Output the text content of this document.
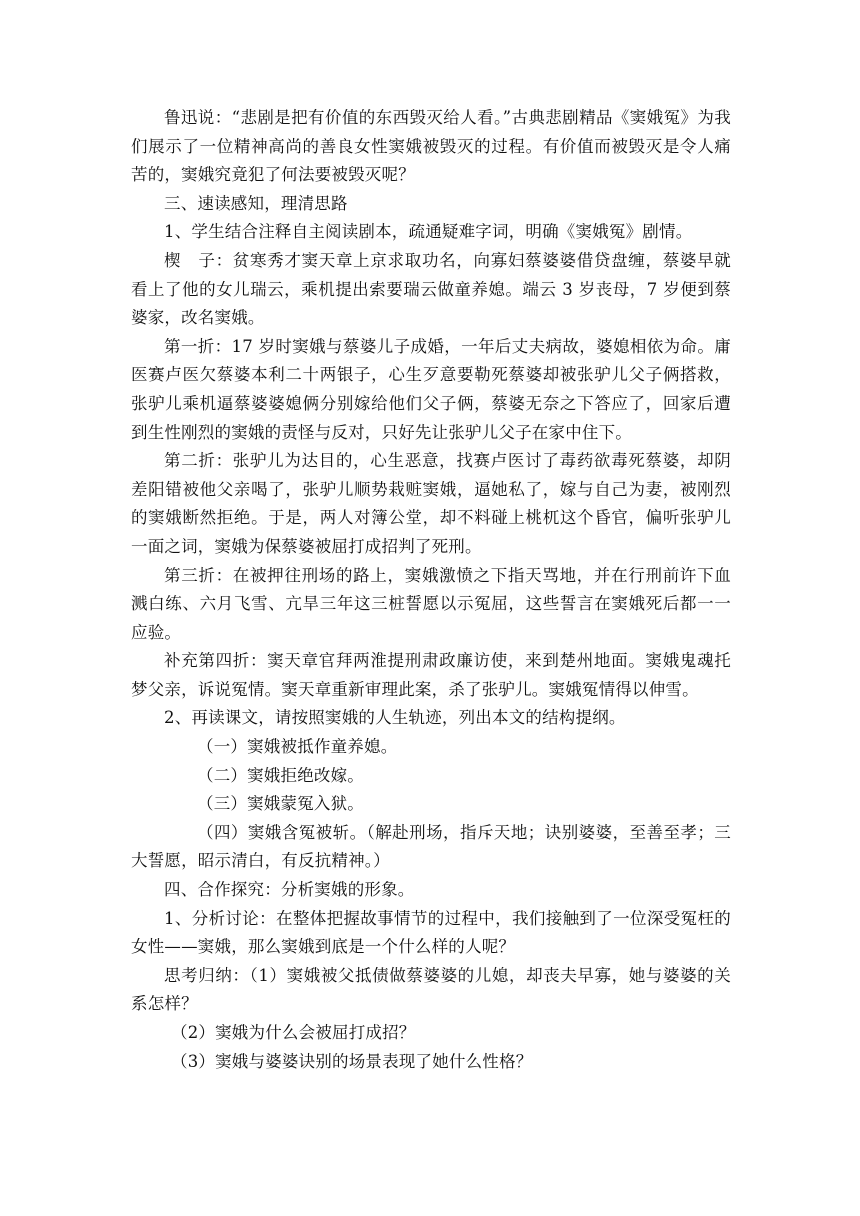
鲁迅说：“悲剧是把有价值的东西毁灭给人看。”古典悲剧精品《窦娥冤》为我们展示了一位精神高尚的善良女性窦娥被毁灭的过程。有价值而被毁灭是令人痛苦的，窦娥究竟犯了何法要被毁灭呢？

三、速读感知，理清思路

1、学生结合注释自主阅读剧本，疏通疑难字词，明确《窦娥冤》剧情。

楔　子：贫寒秀才窦天章上京求取功名，向寡妇蔡婆婆借贷盘缠，蔡婆早就看上了他的女儿瑞云，乘机提出索要瑞云做童养媳。端云 3 岁丧母，7 岁便到蔡婆家，改名窦娥。

第一折：17 岁时窦娥与蔡婆儿子成婚，一年后丈夫病故，婆媳相依为命。庸医赛卢医欠蔡婆本利二十两银子，心生歹意要勒死蔡婆却被张驴儿父子俩搭救，张驴儿乘机逼蔡婆婆媳俩分别嫁给他们父子俩，蔡婆无奈之下答应了，回家后遭到生性刚烈的窦娥的责怪与反对，只好先让张驴儿父子在家中住下。

第二折：张驴儿为达目的，心生恶意，找赛卢医讨了毒药欲毒死蔡婆，却阴差阳错被他父亲喝了，张驴儿顺势栽赃窦娥，逼她私了，嫁与自己为妻，被刚烈的窦娥断然拒绝。于是，两人对簿公堂，却不料碰上桃杌这个昏官，偏听张驴儿一面之词，窦娥为保蔡婆被屈打成招判了死刑。

第三折：在被押往刑场的路上，窦娥激愤之下指天骂地，并在行刑前许下血溅白练、六月飞雪、亢旱三年这三桩誓愿以示冤屈，这些誓言在窦娥死后都一一应验。

补充第四折：窦天章官拜两淮提刑肃政廉访使，来到楚州地面。窦娥鬼魂托梦父亲，诉说冤情。窦天章重新审理此案，杀了张驴儿。窦娥冤情得以伸雪。

2、再读课文，请按照窦娥的人生轨迹，列出本文的结构提纲。

（一）窦娥被抵作童养媳。

（二）窦娥拒绝改嫁。

（三）窦娥蒙冤入狱。

（四）窦娥含冤被斩。（解赴刑场，指斥天地；诀别婆婆，至善至孝；三大誓愿，昭示清白，有反抗精神。）

四、合作探究：分析窦娥的形象。

1、分析讨论：在整体把握故事情节的过程中，我们接触到了一位深受冤枉的女性——窦娥，那么窦娥到底是一个什么样的人呢？

思考归纳：（1）窦娥被父抵债做蔡婆婆的儿媳，却丧夫早寡，她与婆婆的关系怎样？

（2）窦娥为什么会被屈打成招？

（3）窦娥与婆婆诀别的场景表现了她什么性格？
